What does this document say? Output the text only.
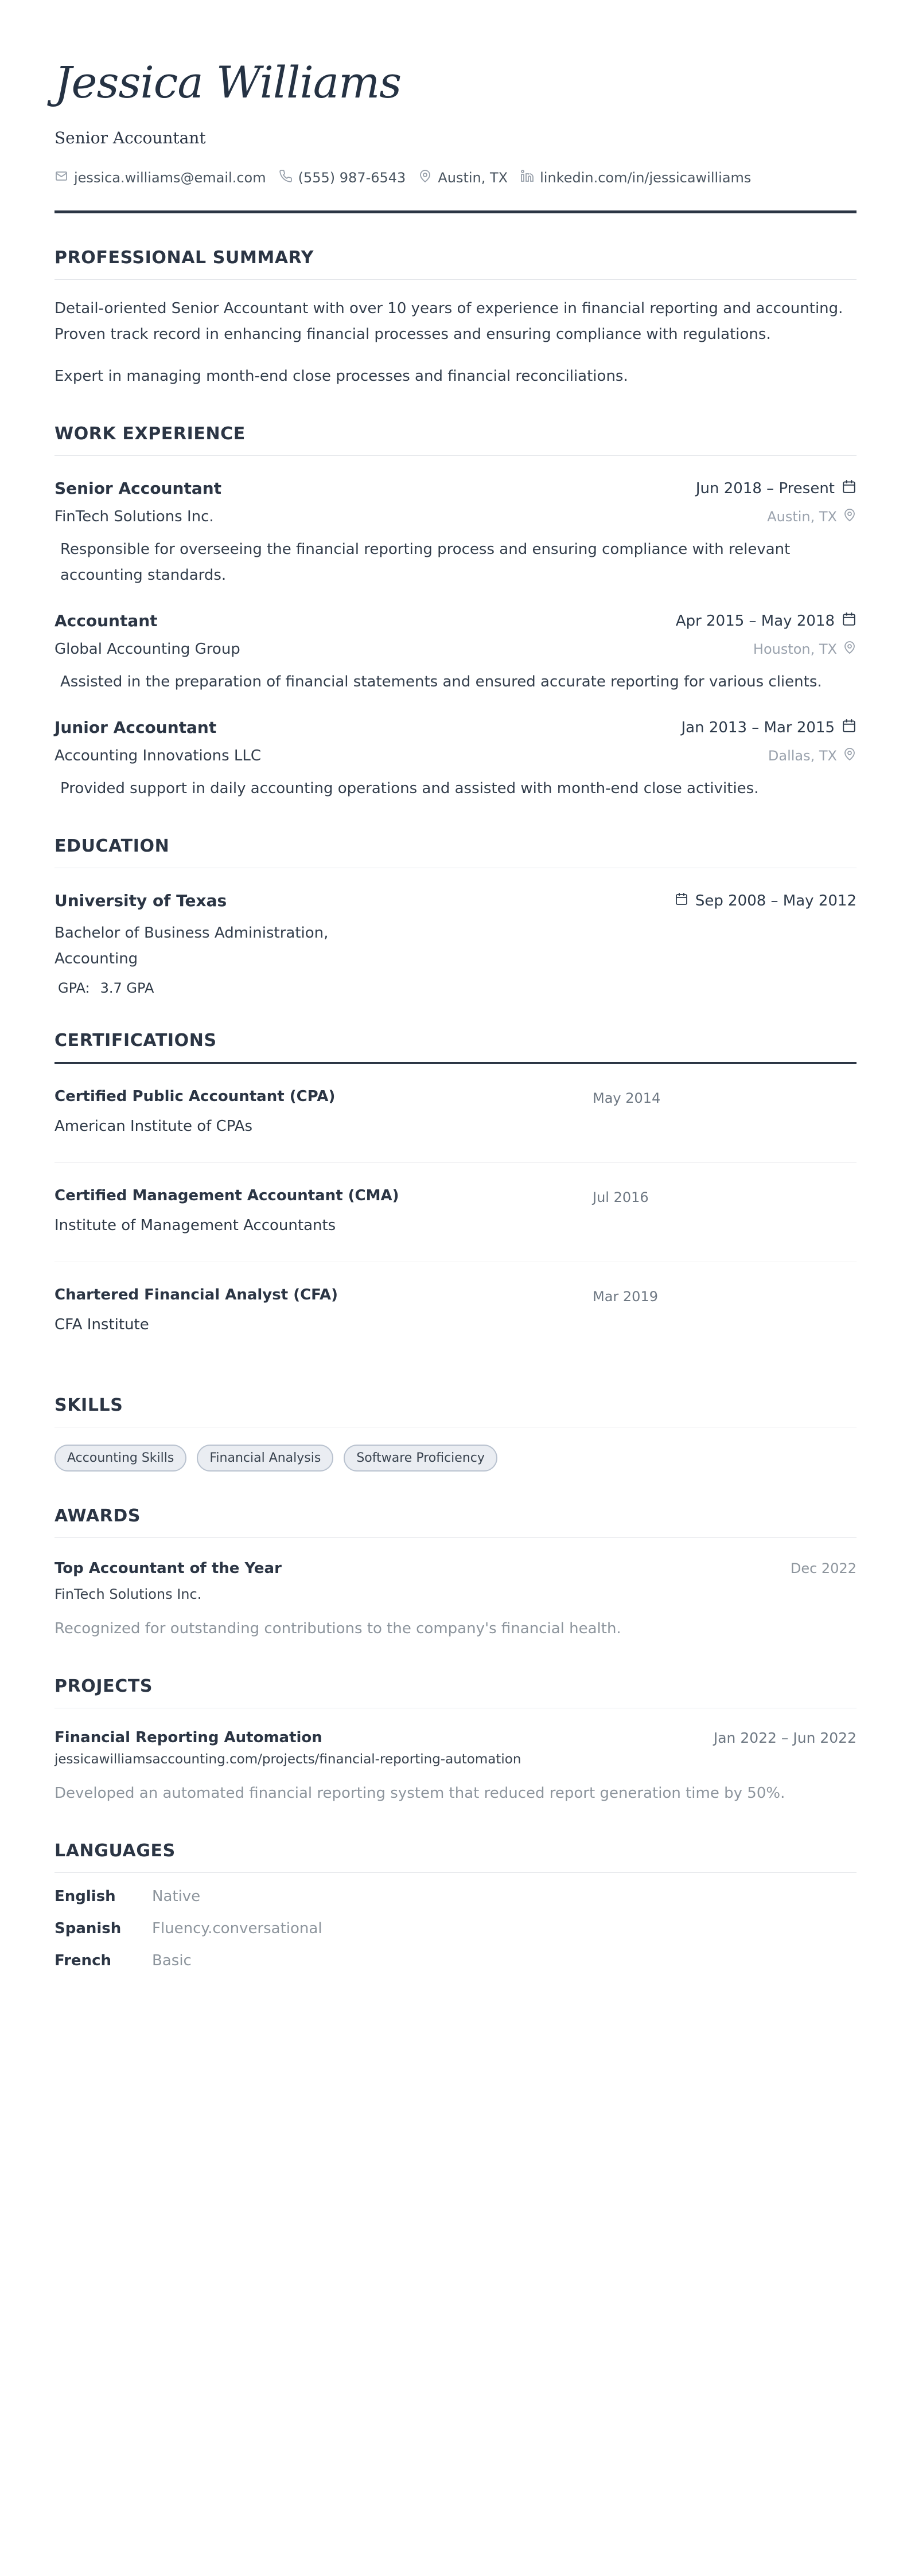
Jessica Williams
Senior Accountant
jessica.williams@email.com (555) 987-6543 Austin, TX linkedin.com/in/jessicawilliams
PROFESSIONAL SUMMARY
Detail-oriented Senior Accountant with over 10 years of experience in financial reporting and accounting. Proven track record in enhancing financial processes and ensuring compliance with regulations.
Expert in managing month-end close processes and financial reconciliations.
WORK EXPERIENCE
Senior Accountant	Jun 2018 – Present
FinTech Solutions Inc.	Austin, TX
Responsible for overseeing the financial reporting process and ensuring compliance with relevant accounting standards.
Accountant	Apr 2015 – May 2018
Global Accounting Group	Houston, TX
Assisted in the preparation of financial statements and ensured accurate reporting for various clients.
Junior Accountant	Jan 2013 – Mar 2015
Accounting Innovations LLC	Dallas, TX
Provided support in daily accounting operations and assisted with month-end close activities.
EDUCATION
University of Texas	Sep 2008 – May 2012
Bachelor of Business Administration, Accounting
GPA: 3.7 GPA
CERTIFICATIONS
Certified Public Accountant (CPA)
American Institute of CPAs
May 2014
Certified Management Accountant (CMA)
Institute of Management Accountants
Jul 2016
Chartered Financial Analyst (CFA)
CFA Institute
Mar 2019
SKILLS
Accounting Skills	Financial Analysis	Software Proficiency
AWARDS
Top Accountant of the Year	Dec 2022
FinTech Solutions Inc.
Recognized for outstanding contributions to the company's financial health.
PROJECTS
Financial Reporting Automation	Jan 2022 – Jun 2022
jessicawilliamsaccounting.com/projects/financial-reporting-automation
Developed an automated financial reporting system that reduced report generation time by 50%.
LANGUAGES
English	Native
Spanish	Fluency.conversational
French	Basic
